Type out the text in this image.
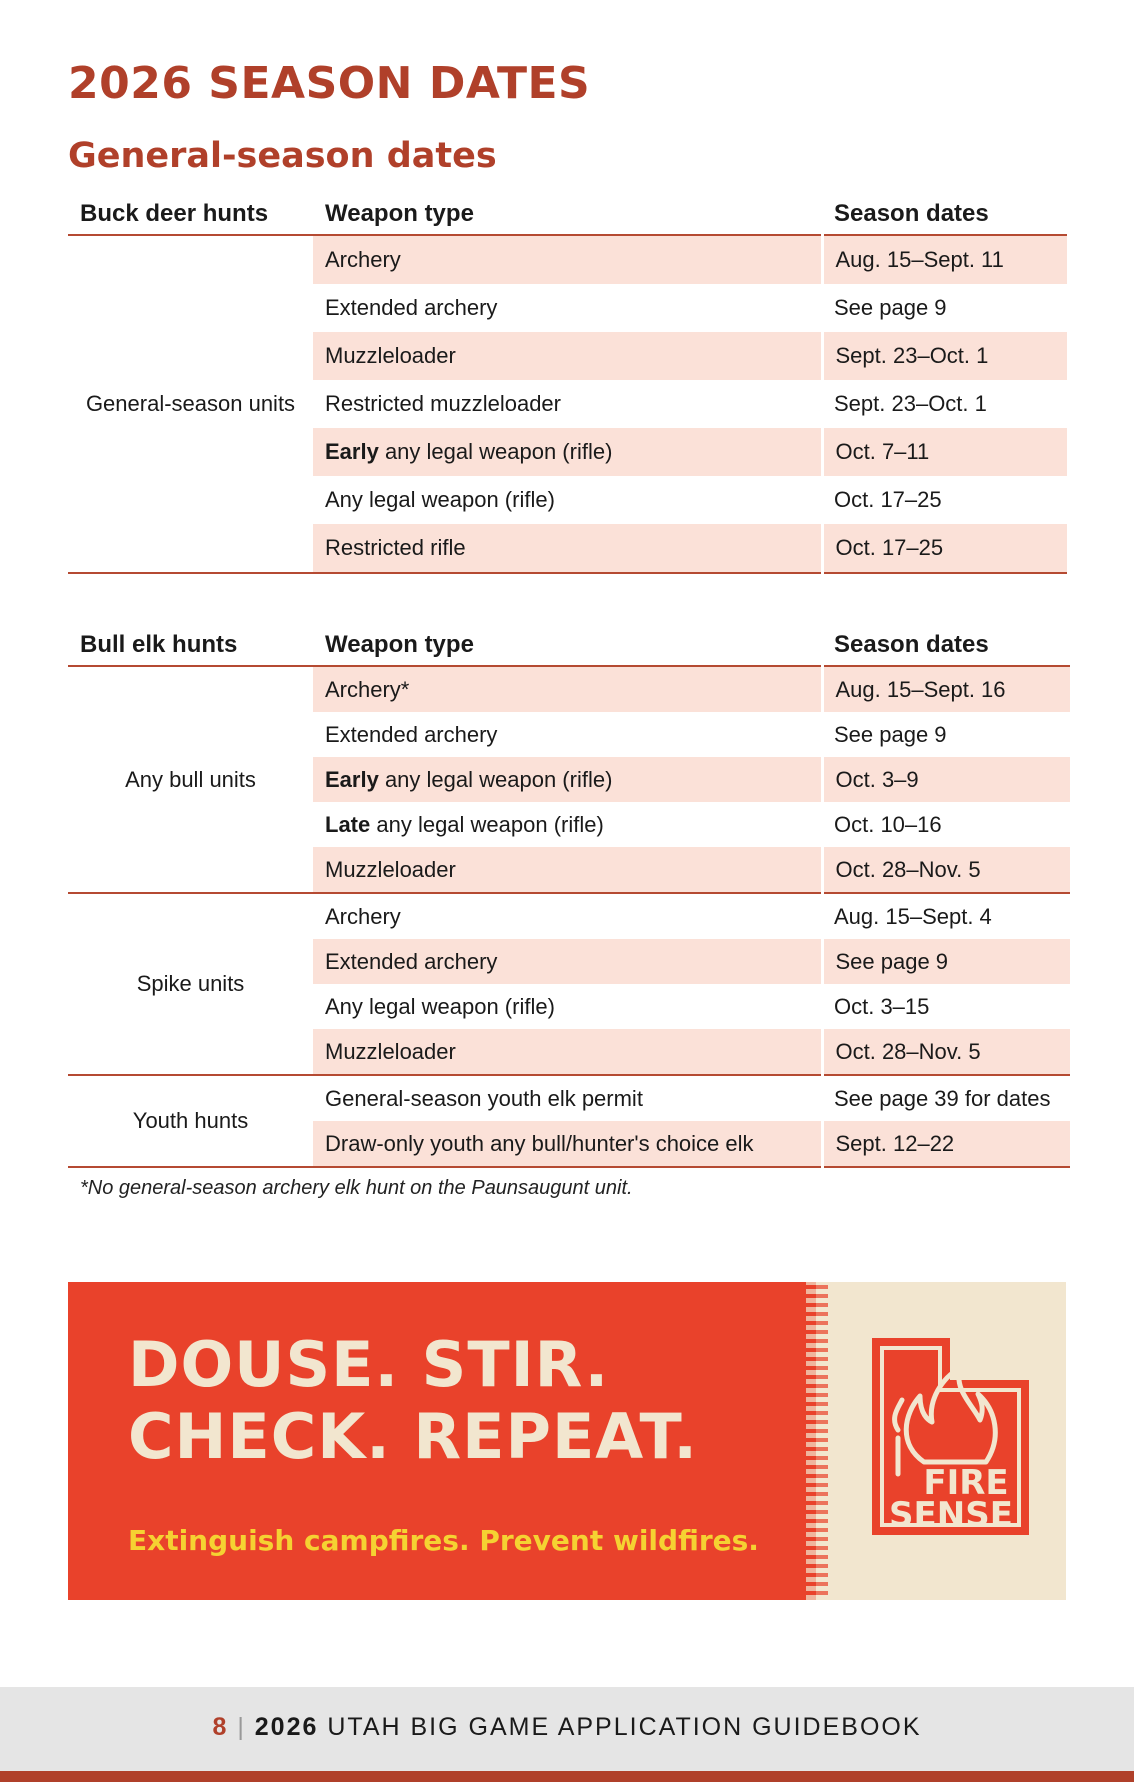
2026 SEASON DATES
General-season dates
Buck deer hunts	Weapon type	Season dates
General-season units	Archery	Aug. 15–Sept. 11
	Extended archery	See page 9
	Muzzleloader	Sept. 23–Oct. 1
	Restricted muzzleloader	Sept. 23–Oct. 1
	Early any legal weapon (rifle)	Oct. 7–11
	Any legal weapon (rifle)	Oct. 17–25
	Restricted rifle	Oct. 17–25
Bull elk hunts	Weapon type	Season dates
Any bull units	Archery*	Aug. 15–Sept. 16
	Extended archery	See page 9
	Early any legal weapon (rifle)	Oct. 3–9
	Late any legal weapon (rifle)	Oct. 10–16
	Muzzleloader	Oct. 28–Nov. 5
Spike units	Archery	Aug. 15–Sept. 4
	Extended archery	See page 9
	Any legal weapon (rifle)	Oct. 3–15
	Muzzleloader	Oct. 28–Nov. 5
Youth hunts	General-season youth elk permit	See page 39 for dates
	Draw-only youth any bull/hunter's choice elk	Sept. 12–22
*No general-season archery elk hunt on the Paunsaugunt unit.
DOUSE. STIR.
CHECK. REPEAT.
Extinguish campfires. Prevent wildfires.
FIRE
SENSE
8 | 2026 UTAH BIG GAME APPLICATION GUIDEBOOK
